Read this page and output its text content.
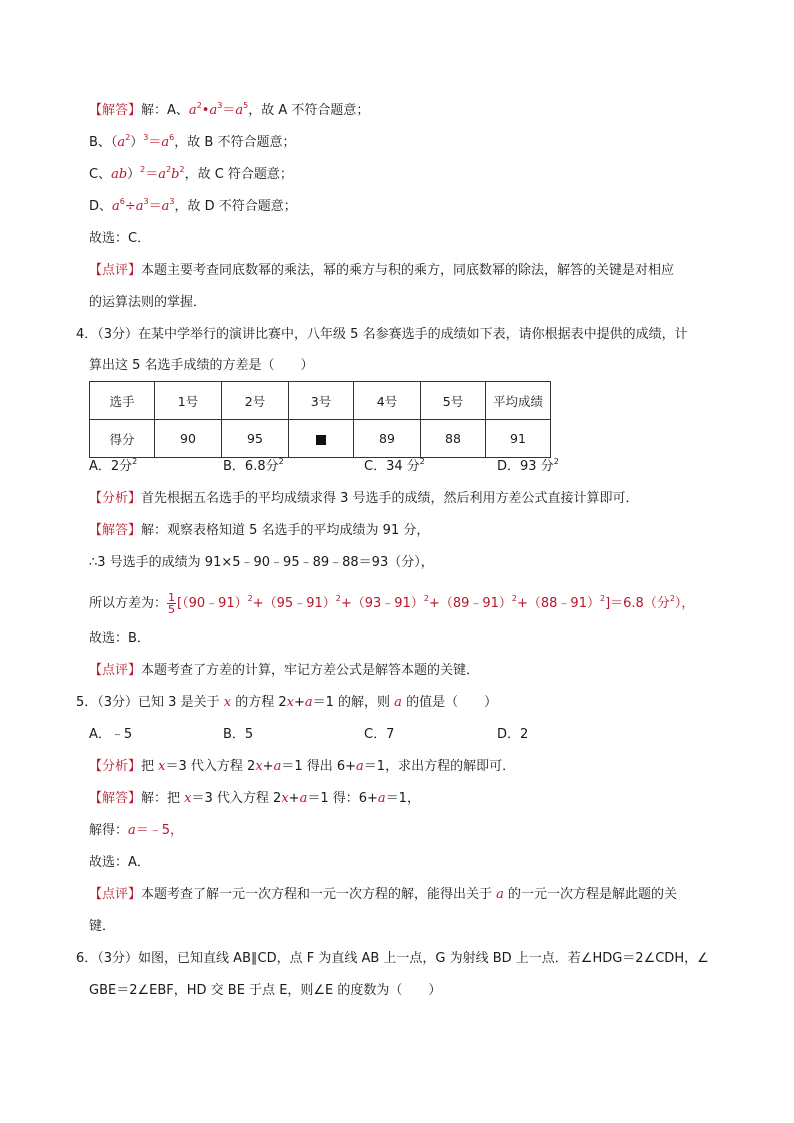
【解答】解：A、$a^2•a^3=a^5$，故 A 不符合题意；
B、$(a^2)^3=a^6$，故 B 不符合题意；
C、$ab)^2=a^2b^2$，故 C 符合题意；
D、$a^6\div a^3=a^3$，故 D 不符合题意；
故选：C．
【点评】本题主要考查同底数幂的乘法，幂的乘方与积的乘方，同底数幂的除法，解答的关键是对相应
的运算法则的掌握．
4．（3分）在某中学举行的演讲比赛中，八年级 5 名参赛选手的成绩如下表，请你根据表中提供的成绩，计
算出这 5 名选手成绩的方差是（　　）
选手	1号	2号	3号	4号	5号	平均成绩
得分	90	95		89	88	91
A．2分$^2$	B．6.8分$^2$	C．34 分$^2$	D．93 分$^2$
【分析】首先根据五名选手的平均成绩求得 3 号选手的成绩，然后利用方差公式直接计算即可．
【解答】解：观察表格知道 5 名选手的平均成绩为 91 分，
∴3 号选手的成绩为 91×5﹣90﹣95﹣89﹣88＝93（分），
所以方差为： $\frac{1}{5}$ [（90﹣91）$^2$+（95﹣91）$^2$+（93﹣91）$^2$+（89﹣91）$^2$+（88﹣91）$^2$]＝6.8（分$^2$），
故选：B．
【点评】本题考查了方差的计算，牢记方差公式是解答本题的关键．
5．（3分）已知 3 是关于 x 的方程 2x+a＝1 的解，则 a 的值是（　　）
A．﹣5	B．5	C．7	D．2
【分析】把 x＝3 代入方程 2x+a＝1 得出 6+a＝1，求出方程的解即可．
【解答】解：把 x＝3 代入方程 2x+a＝1 得：6+a＝1，
解得：a＝﹣5，
故选：A．
【点评】本题考查了解一元一次方程和一元一次方程的解，能得出关于 a 的一元一次方程是解此题的关
键．
6．（3分）如图，已知直线 AB∥CD，点 F 为直线 AB 上一点，G 为射线 BD 上一点．若∠HDG＝2∠CDH，∠
GBE＝2∠EBF，HD 交 BE 于点 E，则∠E 的度数为（　　）
